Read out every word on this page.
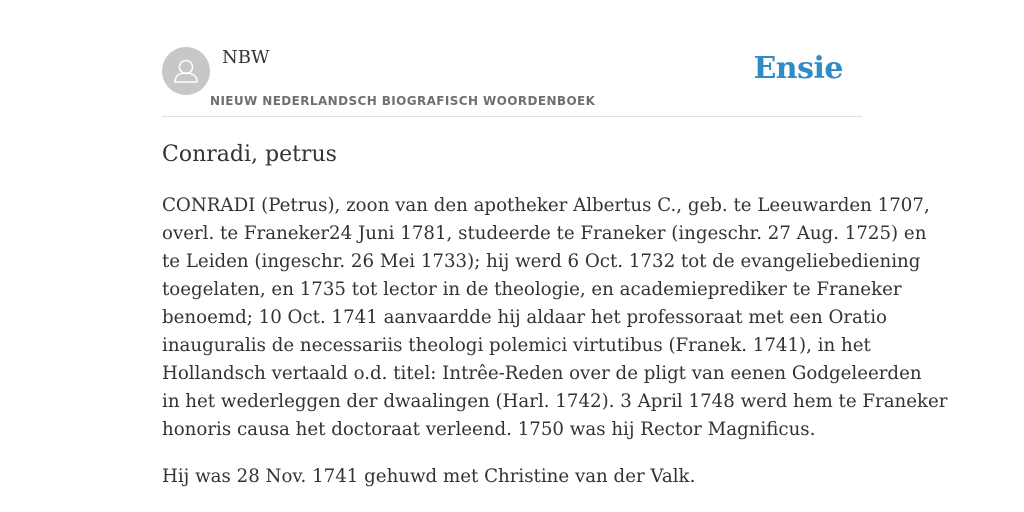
NBW
NIEUW NEDERLANDSCH BIOGRAFISCH WOORDENBOEK
Ensie
Conradi, petrus

CONRADI (Petrus), zoon van den apotheker Albertus C., geb. te Leeuwarden 1707,
overl. te Franeker24 Juni 1781, studeerde te Franeker (ingeschr. 27 Aug. 1725) en
te Leiden (ingeschr. 26 Mei 1733); hij werd 6 Oct. 1732 tot de evangeliebediening
toegelaten, en 1735 tot lector in de theologie, en academieprediker te Franeker
benoemd; 10 Oct. 1741 aanvaardde hij aldaar het professoraat met een Oratio
inauguralis de necessariis theologi polemici virtutibus (Franek. 1741), in het
Hollandsch vertaald o.d. titel: Intrêe-Reden over de pligt van eenen Godgeleerden
in het wederleggen der dwaalingen (Harl. 1742). 3 April 1748 werd hem te Franeker
honoris causa het doctoraat verleend. 1750 was hij Rector Magnificus.

Hij was 28 Nov. 1741 gehuwd met Christine van der Valk.
